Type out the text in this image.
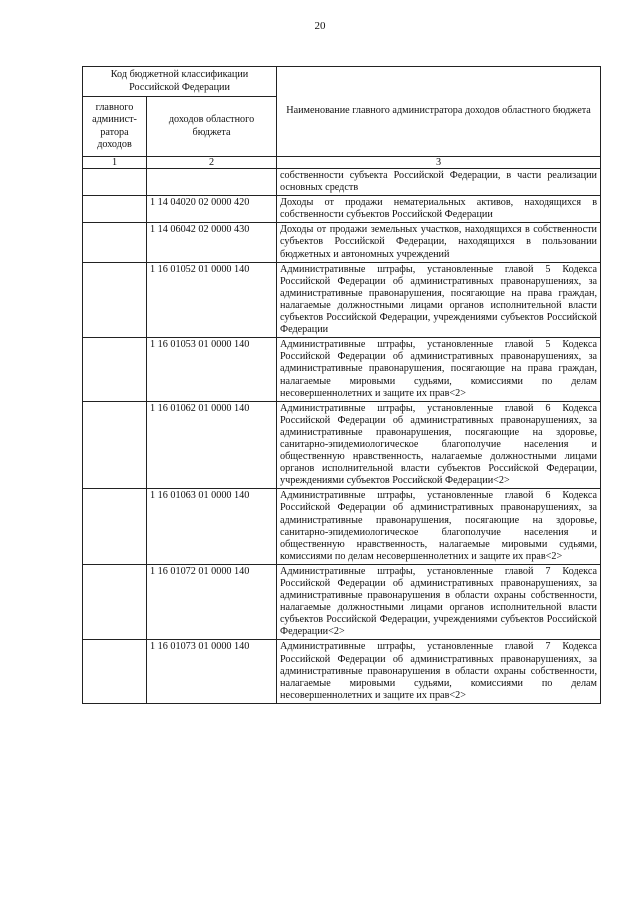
20
Код бюджетной классификации Российской Федерации		Наименование главного администратора доходов областного бюджета
главного админист-ратора доходов	доходов областного бюджета	
1	2	3
		собственности субъекта Российской Федерации, в части реализации основных средств
	1 14 04020 02 0000 420	Доходы от продажи нематериальных активов, находящихся в собственности субъектов Российской Федерации
	1 14 06042 02 0000 430	Доходы от продажи земельных участков, находящихся в собственности субъектов Российской Федерации, находящихся в пользовании бюджетных и автономных учреждений
	1 16 01052 01 0000 140	Административные штрафы, установленные главой 5 Кодекса Российской Федерации об административных правонарушениях, за административные правонарушения, посягающие на права граждан, налагаемые должностными лицами органов исполнительной власти субъектов Российской Федерации, учреждениями субъектов Российской Федерации
	1 16 01053 01 0000 140	Административные штрафы, установленные главой 5 Кодекса Российской Федерации об административных правонарушениях, за административные правонарушения, посягающие на права граждан, налагаемые мировыми судьями, комиссиями по делам несовершеннолетних и защите их прав<2>
	1 16 01062 01 0000 140	Административные штрафы, установленные главой 6 Кодекса Российской Федерации об административных правонарушениях, за административные правонарушения, посягающие на здоровье, санитарно-эпидемиологическое благополучие населения и общественную нравственность, налагаемые должностными лицами органов исполнительной власти субъектов Российской Федерации, учреждениями субъектов Российской Федерации<2>
	1 16 01063 01 0000 140	Административные штрафы, установленные главой 6 Кодекса Российской Федерации об административных правонарушениях, за административные правонарушения, посягающие на здоровье, санитарно-эпидемиологическое благополучие населения и общественную нравственность, налагаемые мировыми судьями, комиссиями по делам несовершеннолетних и защите их прав<2>
	1 16 01072 01 0000 140	Административные штрафы, установленные главой 7 Кодекса Российской Федерации об административных правонарушениях, за административные правонарушения в области охраны собственности, налагаемые должностными лицами органов исполнительной власти субъектов Российской Федерации, учреждениями субъектов Российской Федерации<2>
	1 16 01073 01 0000 140	Административные штрафы, установленные главой 7 Кодекса Российской Федерации об административных правонарушениях, за административные правонарушения в области охраны собственности, налагаемые мировыми судьями, комиссиями по делам несовершеннолетних и защите их прав<2>
